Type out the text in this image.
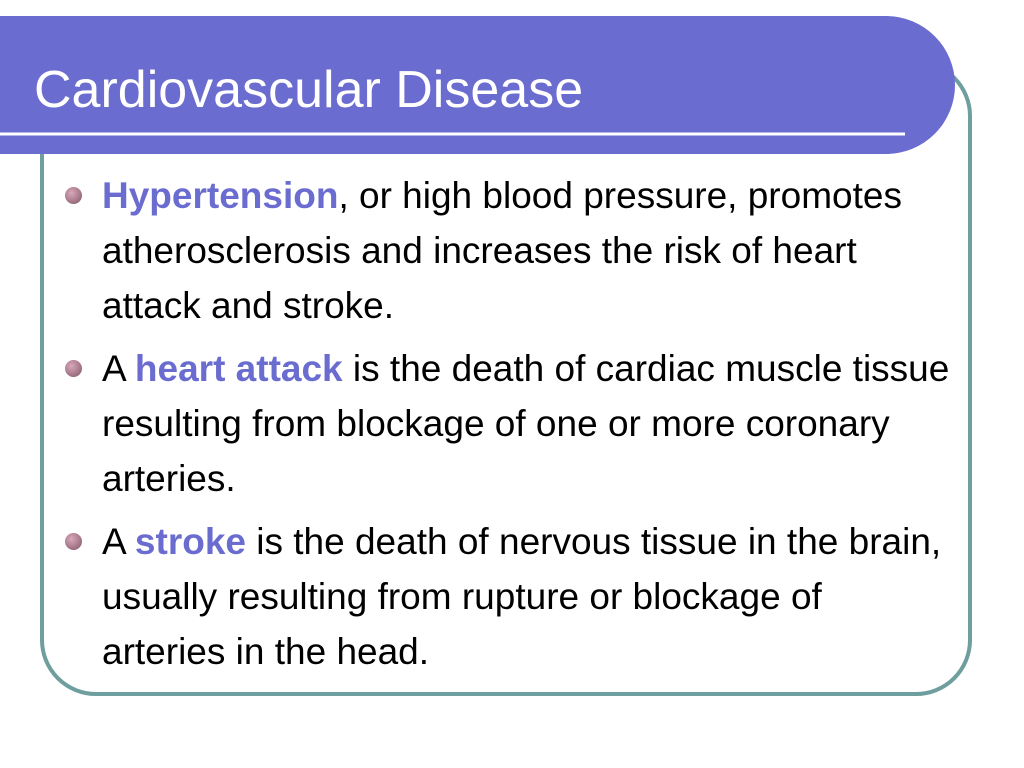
Cardiovascular Disease
Hypertension, or high blood pressure, promotes atherosclerosis and increases the risk of heart attack and stroke.
A heart attack is the death of cardiac muscle tissue resulting from blockage of one or more coronary arteries.
A stroke is the death of nervous tissue in the brain, usually resulting from rupture or blockage of arteries in the head.
